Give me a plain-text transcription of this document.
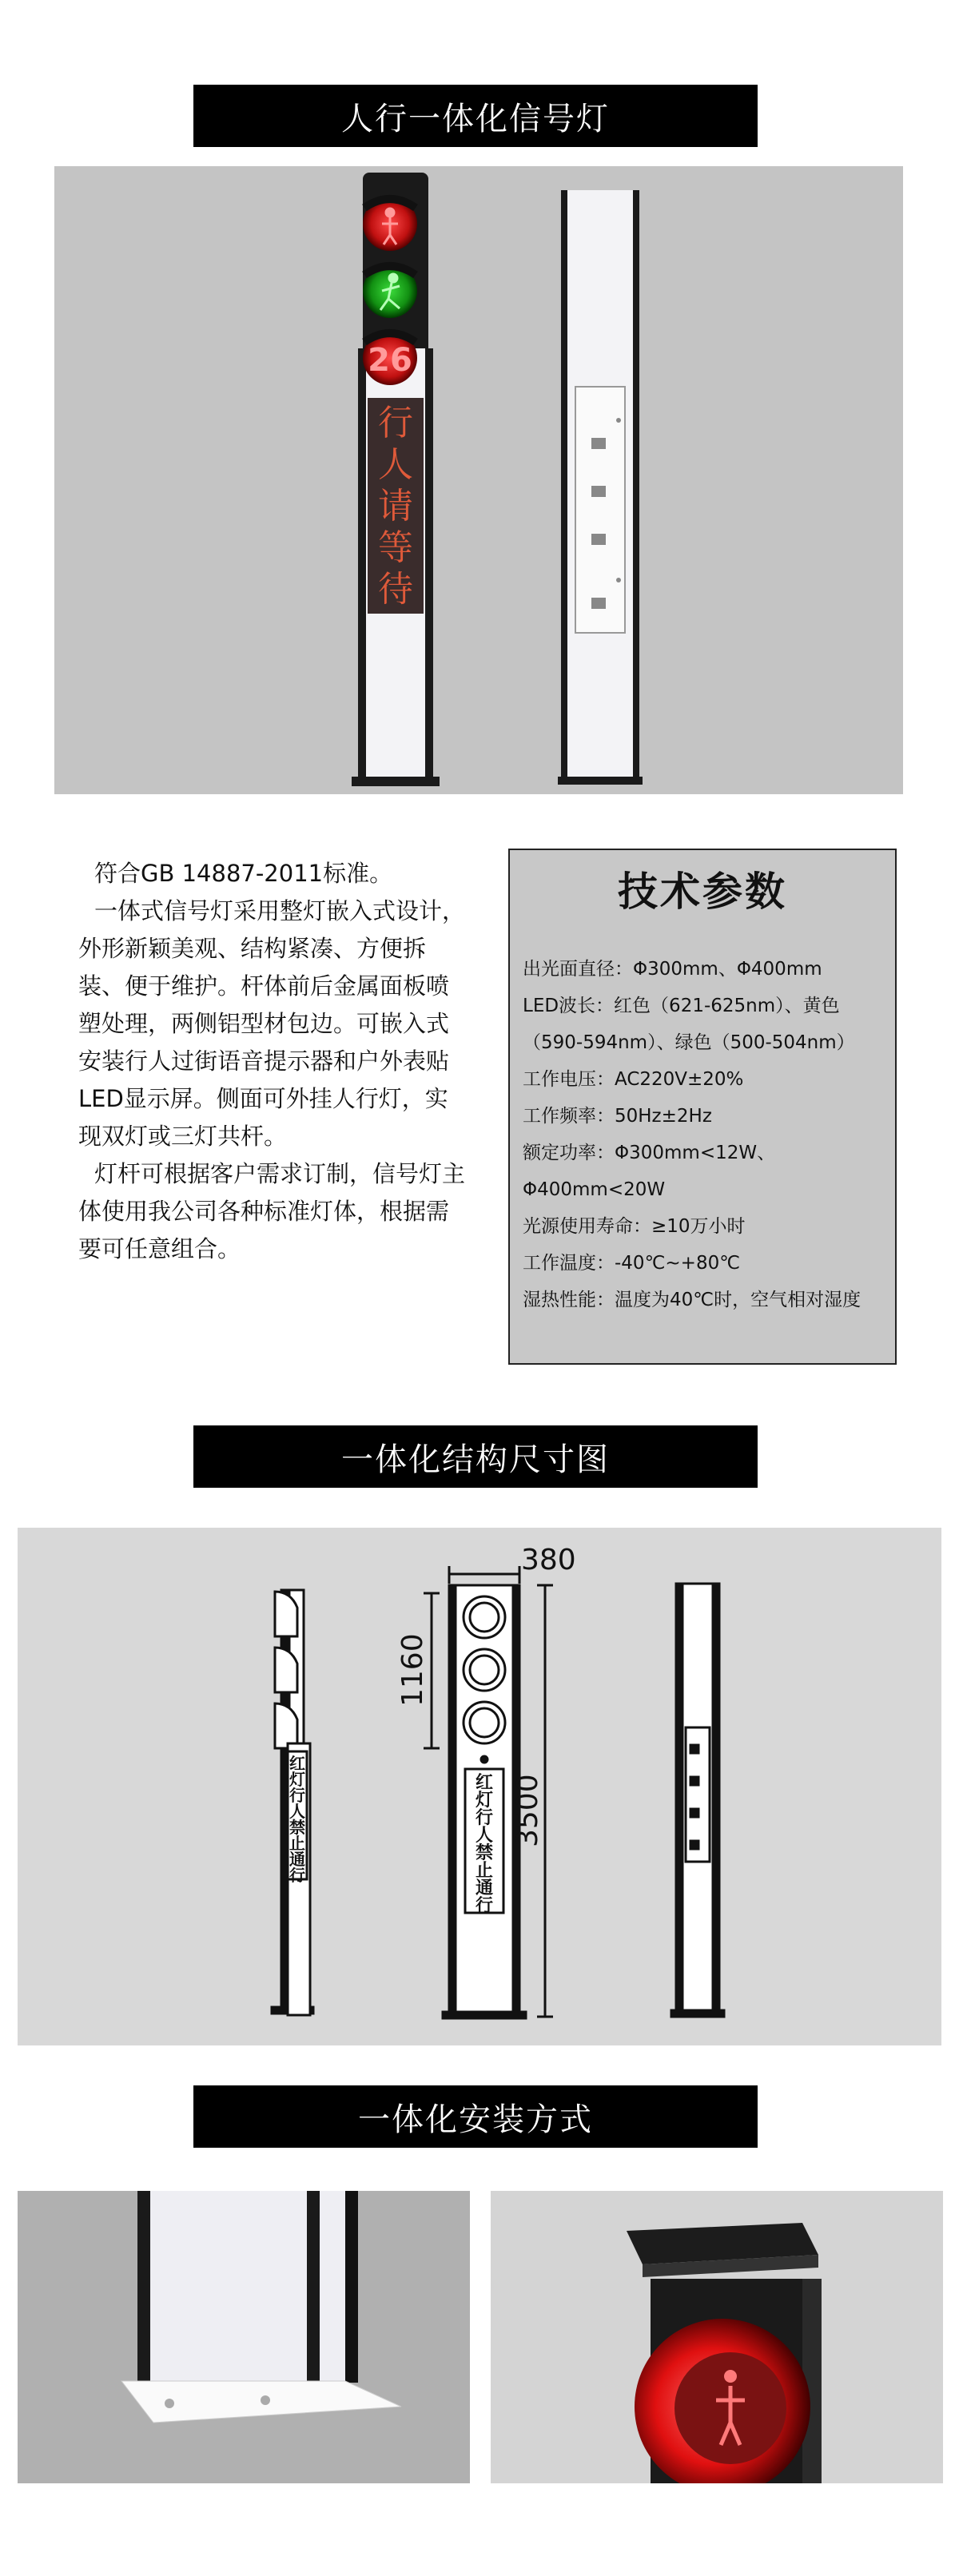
人行一体化信号灯
26
行
人
请
等
待

符合GB 14887-2011标准。

一体式信号灯采用整灯嵌入式设计，外形新颖美观、结构紧凑、方便拆装、便于维护。杆体前后金属面板喷塑处理，两侧铝型材包边。可嵌入式安装行人过街语音提示器和户外表贴LED显示屏。侧面可外挂人行灯，实现双灯或三灯共杆。

灯杆可根据客户需求订制，信号灯主体使用我公司各种标准灯体，根据需要可任意组合。

技术参数
出光面直径：Φ300mm、Φ400mm
LED波长：红色（621-625nm）、黄色（590-594nm）、绿色（500-504nm）
工作电压：AC220V±20%
工作频率：50Hz±2Hz
额定功率：Φ300mm<12W、Φ400mm<20W
光源使用寿命：≥10万小时
工作温度：-40℃~+80℃
湿热性能：温度为40℃时，空气相对湿度
一体化结构尺寸图
380
1160
3500
红
灯
行
人
禁
止
通
行
红
灯
行
人
禁
止
通
行
一体化安装方式
